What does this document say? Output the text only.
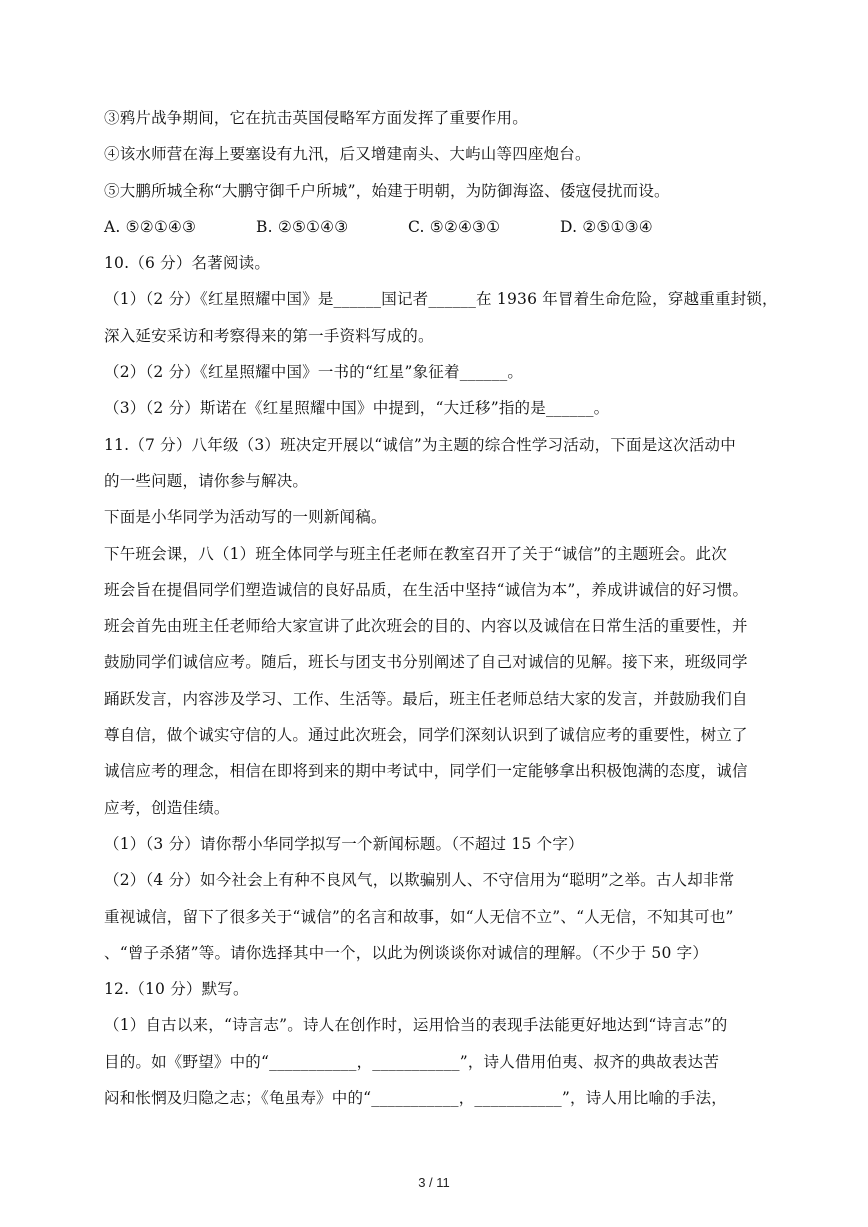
③鸦片战争期间，它在抗击英国侵略军方面发挥了重要作用。
④该水师营在海上要塞设有九汛，后又增建南头、大屿山等四座炮台。
⑤大鹏所城全称“大鹏守御千户所城”，始建于明朝，为防御海盗、倭寇侵扰而设。
A. ⑤②①④③	B. ②⑤①④③	C. ⑤②④③①	D. ②⑤①③④
10.（6 分）名著阅读。
（1）（2 分）《红星照耀中国》是______国记者______在 1936 年冒着生命危险，穿越重重封锁，
深入延安采访和考察得来的第一手资料写成的。
（2）（2 分）《红星照耀中国》一书的“红星”象征着______。
（3）（2 分）斯诺在《红星照耀中国》中提到，“大迁移”指的是______。
11.（7 分）八年级（3）班决定开展以“诚信”为主题的综合性学习活动，下面是这次活动中
的一些问题，请你参与解决。
下面是小华同学为活动写的一则新闻稿。
下午班会课，八（1）班全体同学与班主任老师在教室召开了关于“诚信”的主题班会。此次
班会旨在提倡同学们塑造诚信的良好品质，在生活中坚持“诚信为本”，养成讲诚信的好习惯。
班会首先由班主任老师给大家宣讲了此次班会的目的、内容以及诚信在日常生活的重要性，并
鼓励同学们诚信应考。随后，班长与团支书分别阐述了自己对诚信的见解。接下来，班级同学
踊跃发言，内容涉及学习、工作、生活等。最后，班主任老师总结大家的发言，并鼓励我们自
尊自信，做个诚实守信的人。通过此次班会，同学们深刻认识到了诚信应考的重要性，树立了
诚信应考的理念，相信在即将到来的期中考试中，同学们一定能够拿出积极饱满的态度，诚信
应考，创造佳绩。
（1）（3 分）请你帮小华同学拟写一个新闻标题。（不超过 15 个字）
（2）（4 分）如今社会上有种不良风气，以欺骗别人、不守信用为“聪明”之举。古人却非常
重视诚信，留下了很多关于“诚信”的名言和故事，如“人无信不立”、“人无信，不知其可也”
、“曾子杀猪”等。请你选择其中一个，以此为例谈谈你对诚信的理解。（不少于 50 字）
12.（10 分）默写。
（1）自古以来，“诗言志”。诗人在创作时，运用恰当的表现手法能更好地达到“诗言志”的
目的。如《野望》中的“___________，___________”，诗人借用伯夷、叔齐的典故表达苦
闷和怅惘及归隐之志；《龟虽寿》中的“___________，___________”，诗人用比喻的手法，
3 / 11
